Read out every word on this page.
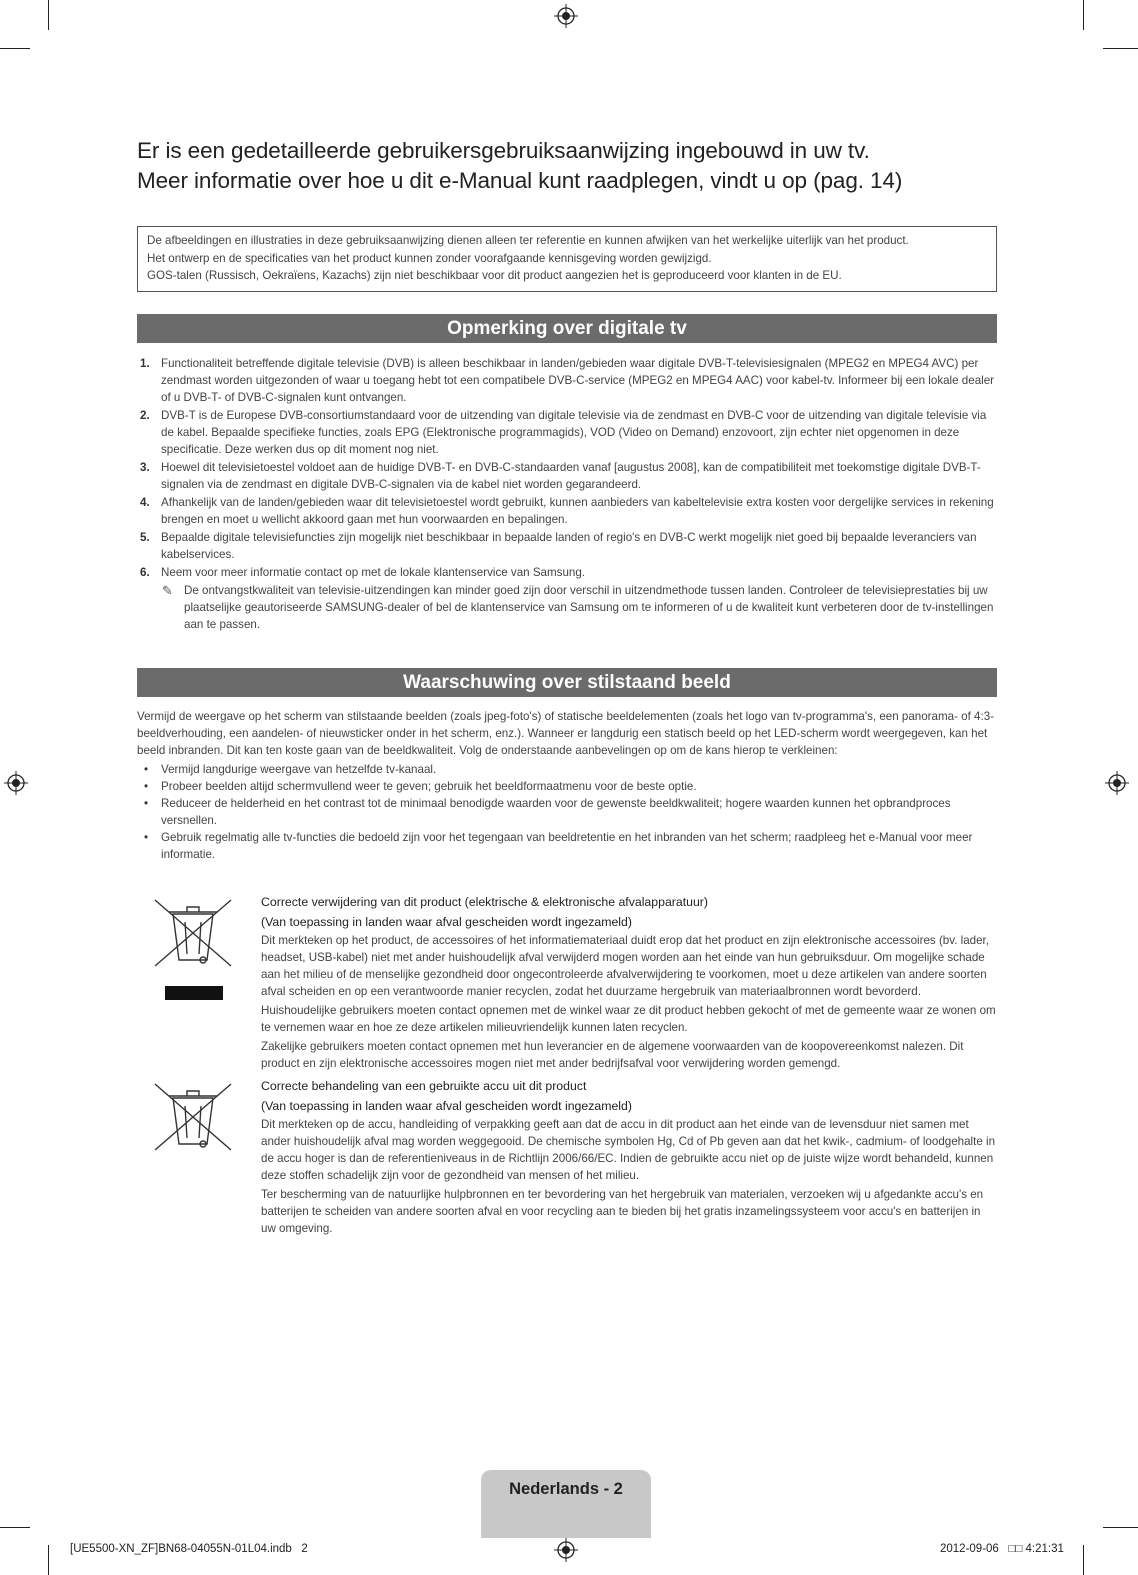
Er is een gedetailleerde gebruikersgebruiksaanwijzing ingebouwd in uw tv.
Meer informatie over hoe u dit e-Manual kunt raadplegen, vindt u op (pag. 14)

De afbeeldingen en illustraties in deze gebruiksaanwijzing dienen alleen ter referentie en kunnen afwijken van het werkelijke uiterlijk van het product.

Het ontwerp en de specificaties van het product kunnen zonder voorafgaande kennisgeving worden gewijzigd.

GOS-talen (Russisch, Oekraïens, Kazachs) zijn niet beschikbaar voor dit product aangezien het is geproduceerd voor klanten in de EU.

Opmerking over digitale tv
1. Functionaliteit betreffende digitale televisie (DVB) is alleen beschikbaar in landen/gebieden waar digitale DVB-T-televisiesignalen (MPEG2 en MPEG4 AVC) per zendmast worden uitgezonden of waar u toegang hebt tot een compatibele DVB-C-service (MPEG2 en MPEG4 AAC) voor kabel-tv. Informeer bij een lokale dealer of u DVB-T- of DVB-C-signalen kunt ontvangen.
2. DVB-T is de Europese DVB-consortiumstandaard voor de uitzending van digitale televisie via de zendmast en DVB-C voor de uitzending van digitale televisie via de kabel. Bepaalde specifieke functies, zoals EPG (Elektronische programmagids), VOD (Video on Demand) enzovoort, zijn echter niet opgenomen in deze specificatie. Deze werken dus op dit moment nog niet.
3. Hoewel dit televisietoestel voldoet aan de huidige DVB-T- en DVB-C-standaarden vanaf [augustus 2008], kan de compatibiliteit met toekomstige digitale DVB-T-signalen via de zendmast en digitale DVB-C-signalen via de kabel niet worden gegarandeerd.
4. Afhankelijk van de landen/gebieden waar dit televisietoestel wordt gebruikt, kunnen aanbieders van kabeltelevisie extra kosten voor dergelijke services in rekening brengen en moet u wellicht akkoord gaan met hun voorwaarden en bepalingen.
5. Bepaalde digitale televisiefuncties zijn mogelijk niet beschikbaar in bepaalde landen of regio's en DVB-C werkt mogelijk niet goed bij bepaalde leveranciers van kabelservices.
6. Neem voor meer informatie contact op met de lokale klantenservice van Samsung.
✎ De ontvangstkwaliteit van televisie-uitzendingen kan minder goed zijn door verschil in uitzendmethode tussen landen. Controleer de televisieprestaties bij uw plaatselijke geautoriseerde SAMSUNG-dealer of bel de klantenservice van Samsung om te informeren of u de kwaliteit kunt verbeteren door de tv-instellingen aan te passen.
Waarschuwing over stilstaand beeld

Vermijd de weergave op het scherm van stilstaande beelden (zoals jpeg-foto's) of statische beeldelementen (zoals het logo van tv-programma's, een panorama- of 4:3-beeldverhouding, een aandelen- of nieuwsticker onder in het scherm, enz.). Wanneer er langdurig een statisch beeld op het LED-scherm wordt weergegeven, kan het beeld inbranden. Dit kan ten koste gaan van de beeldkwaliteit. Volg de onderstaande aanbevelingen op om de kans hierop te verkleinen:

• Vermijd langdurige weergave van hetzelfde tv-kanaal.
• Probeer beelden altijd schermvullend weer te geven; gebruik het beeldformaatmenu voor de beste optie.
• Reduceer de helderheid en het contrast tot de minimaal benodigde waarden voor de gewenste beeldkwaliteit; hogere waarden kunnen het opbrandproces versnellen.
• Gebruik regelmatig alle tv-functies die bedoeld zijn voor het tegengaan van beeldretentie en het inbranden van het scherm; raadpleeg het e-Manual voor meer informatie.
Correcte verwijdering van dit product (elektrische & elektronische afvalapparatuur)
(Van toepassing in landen waar afval gescheiden wordt ingezameld)

Dit merkteken op het product, de accessoires of het informatiemateriaal duidt erop dat het product en zijn elektronische accessoires (bv. lader, headset, USB-kabel) niet met ander huishoudelijk afval verwijderd mogen worden aan het einde van hun gebruiksduur. Om mogelijke schade aan het milieu of de menselijke gezondheid door ongecontroleerde afvalverwijdering te voorkomen, moet u deze artikelen van andere soorten afval scheiden en op een verantwoorde manier recyclen, zodat het duurzame hergebruik van materiaalbronnen wordt bevorderd.

Huishoudelijke gebruikers moeten contact opnemen met de winkel waar ze dit product hebben gekocht of met de gemeente waar ze wonen om te vernemen waar en hoe ze deze artikelen milieuvriendelijk kunnen laten recyclen.

Zakelijke gebruikers moeten contact opnemen met hun leverancier en de algemene voorwaarden van de koopovereenkomst nalezen. Dit product en zijn elektronische accessoires mogen niet met ander bedrijfsafval voor verwijdering worden gemengd.

Correcte behandeling van een gebruikte accu uit dit product
(Van toepassing in landen waar afval gescheiden wordt ingezameld)

Dit merkteken op de accu, handleiding of verpakking geeft aan dat de accu in dit product aan het einde van de levensduur niet samen met ander huishoudelijk afval mag worden weggegooid. De chemische symbolen Hg, Cd of Pb geven aan dat het kwik-, cadmium- of loodgehalte in de accu hoger is dan de referentieniveaus in de Richtlijn 2006/66/EC. Indien de gebruikte accu niet op de juiste wijze wordt behandeld, kunnen deze stoffen schadelijk zijn voor de gezondheid van mensen of het milieu.

Ter bescherming van de natuurlijke hulpbronnen en ter bevordering van het hergebruik van materialen, verzoeken wij u afgedankte accu's en batterijen te scheiden van andere soorten afval en voor recycling aan te bieden bij het gratis inzamelingssysteem voor accu's en batterijen in uw omgeving.

Nederlands - 2
[UE5500-XN_ZF]BN68-04055N-01L04.indb   2	2012-09-06   □□ 4:21:31
